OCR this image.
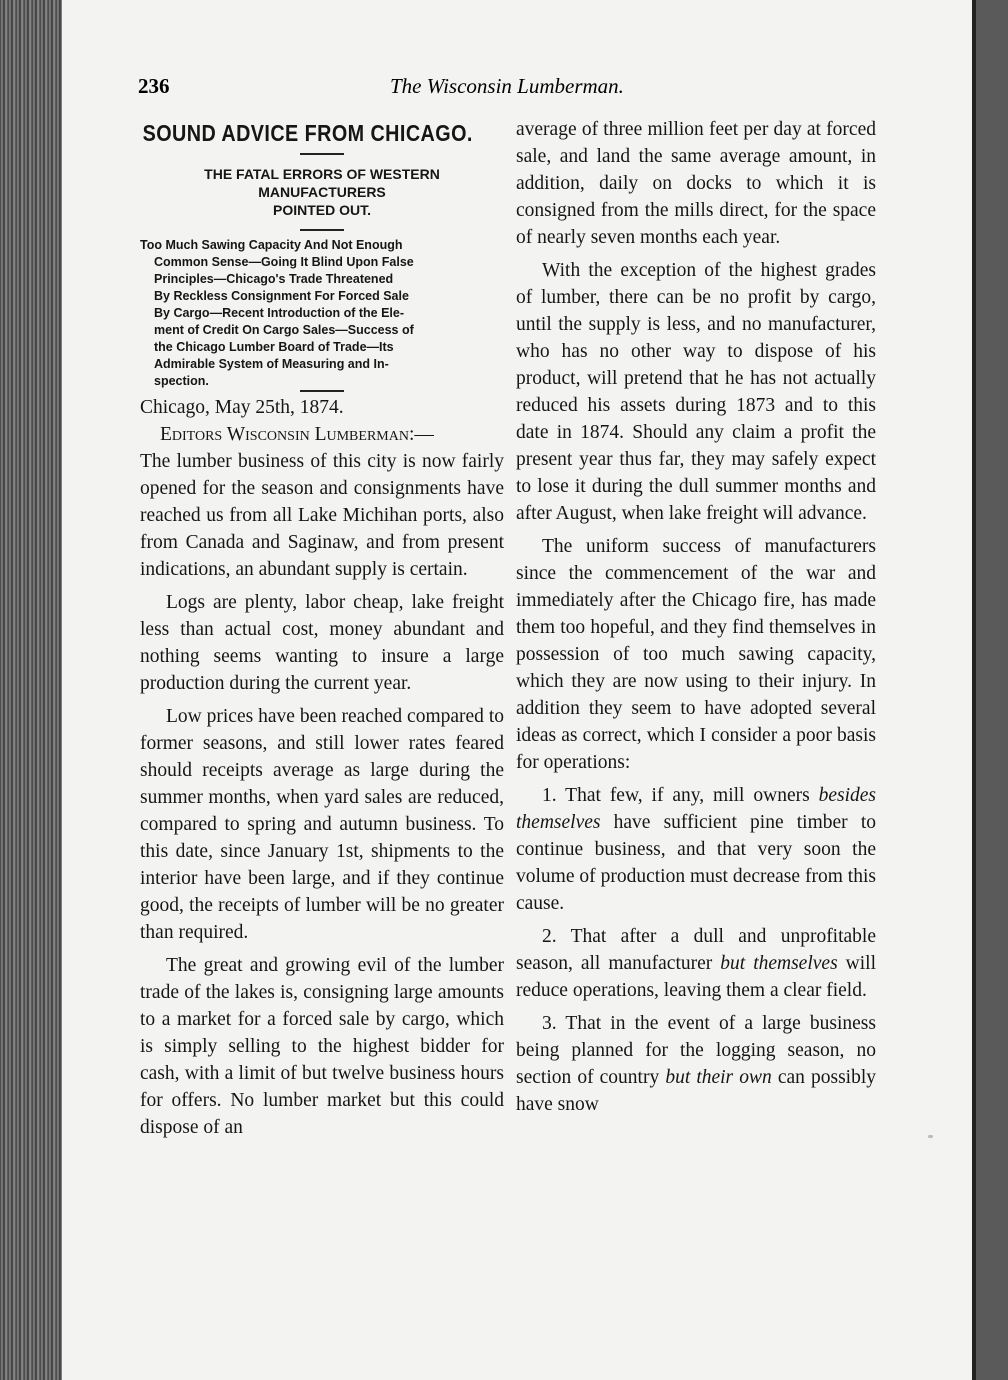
236	The Wisconsin Lumberman.
SOUND ADVICE FROM CHICAGO.
THE FATAL ERRORS OF WESTERN MANUFACTURERS
POINTED OUT.
Too Much Sawing Capacity And Not Enough
Common Sense—Going It Blind Upon False
Principles—Chicago's Trade Threatened
By Reckless Consignment For Forced Sale
By Cargo—Recent Introduction of the Ele-
ment of Credit On Cargo Sales—Success of
the Chicago Lumber Board of Trade—Its
Admirable System of Measuring and In-
spection.

Chicago, May 25th, 1874.

Editors Wisconsin Lumberman:—

The lumber business of this city is now fairly opened for the season and consignments have reached us from all Lake Michihan ports, also from Canada and Saginaw, and from present indications, an abundant supply is certain.

Logs are plenty, labor cheap, lake freight less than actual cost, money abundant and nothing seems wanting to insure a large production during the current year.

Low prices have been reached compared to former seasons, and still lower rates feared should receipts average as large during the summer months, when yard sales are reduced, compared to spring and autumn business. To this date, since January 1st, shipments to the interior have been large, and if they continue good, the receipts of lumber will be no greater than required.

The great and growing evil of the lumber trade of the lakes is, consigning large amounts to a market for a forced sale by cargo, which is simply selling to the highest bidder for cash, with a limit of but twelve business hours for offers. No lumber market but this could dispose of an

average of three million feet per day at forced sale, and land the same average amount, in addition, daily on docks to which it is consigned from the mills direct, for the space of nearly seven months each year.

With the exception of the highest grades of lumber, there can be no profit by cargo, until the supply is less, and no manufacturer, who has no other way to dispose of his product, will pretend that he has not actually reduced his assets during 1873 and to this date in 1874. Should any claim a profit the present year thus far, they may safely expect to lose it during the dull summer months and after August, when lake freight will advance.

The uniform success of manufacturers since the commencement of the war and immediately after the Chicago fire, has made them too hopeful, and they find themselves in possession of too much sawing capacity, which they are now using to their injury. In addition they seem to have adopted several ideas as correct, which I consider a poor basis for operations:

1. That few, if any, mill owners besides themselves have sufficient pine timber to continue business, and that very soon the volume of production must decrease from this cause.

2. That after a dull and unprofitable season, all manufacturer but themselves will reduce operations, leaving them a clear field.

3. That in the event of a large business being planned for the logging season, no section of country but their own can possibly have snow
